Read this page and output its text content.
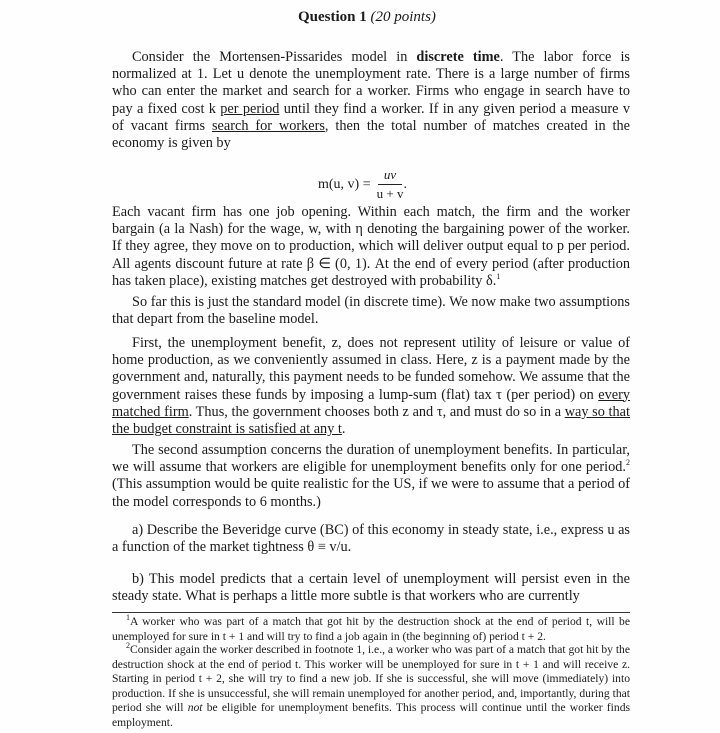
Question 1 (20 points)

Consider the Mortensen-Pissarides model in discrete time. The labor force is normalized at 1. Let u denote the unemployment rate. There is a large number of firms who can enter the market and search for a worker. Firms who engage in search have to pay a fixed cost k per period until they find a worker. If in any given period a measure v of vacant firms search for workers, then the total number of matches created in the economy is given by

m(u, $v) = \frac{uv}{u + v}$ .

Each vacant firm has one job opening. Within each match, the firm and the worker bargain (a la Nash) for the wage, w, with η denoting the bargaining power of the worker. If they agree, they move on to production, which will deliver output equal to p per period. All agents discount future at rate β ∈ (0, 1). At the end of every period (after production has taken place), existing matches get destroyed with probability δ.$^1$

So far this is just the standard model (in discrete time). We now make two assumptions that depart from the baseline model.

First, the unemployment benefit, z, does not represent utility of leisure or value of home production, as we conveniently assumed in class. Here, z is a payment made by the government and, naturally, this payment needs to be funded somehow. We assume that the government raises these funds by imposing a lump-sum (flat) tax τ (per period) on every matched firm. Thus, the government chooses both z and τ, and must do so in a way so that the budget constraint is satisfied at any t.

The second assumption concerns the duration of unemployment benefits. In particular, we will assume that workers are eligible for unemployment benefits only for one period.$^2$ (This assumption would be quite realistic for the US, if we were to assume that a period of the model corresponds to 6 months.)

a) Describe the Beveridge curve (BC) of this economy in steady state, i.e., express u as a function of the market tightness θ ≡ v/u.

b) This model predicts that a certain level of unemployment will persist even in the steady state. What is perhaps a little more subtle is that workers who are currently

$^1$A worker who was part of a match that got hit by the destruction shock at the end of period t, will be unemployed for sure in t + 1 and will try to find a job again in (the beginning of) period t + 2.

$^2$Consider again the worker described in footnote 1, i.e., a worker who was part of a match that got hit by the destruction shock at the end of period t. This worker will be unemployed for sure in t + 1 and will receive z. Starting in period t + 2, she will try to find a new job. If she is successful, she will move (immediately) into production. If she is unsuccessful, she will remain unemployed for another period, and, importantly, during that period she will not be eligible for unemployment benefits. This process will continue until the worker finds employment.
